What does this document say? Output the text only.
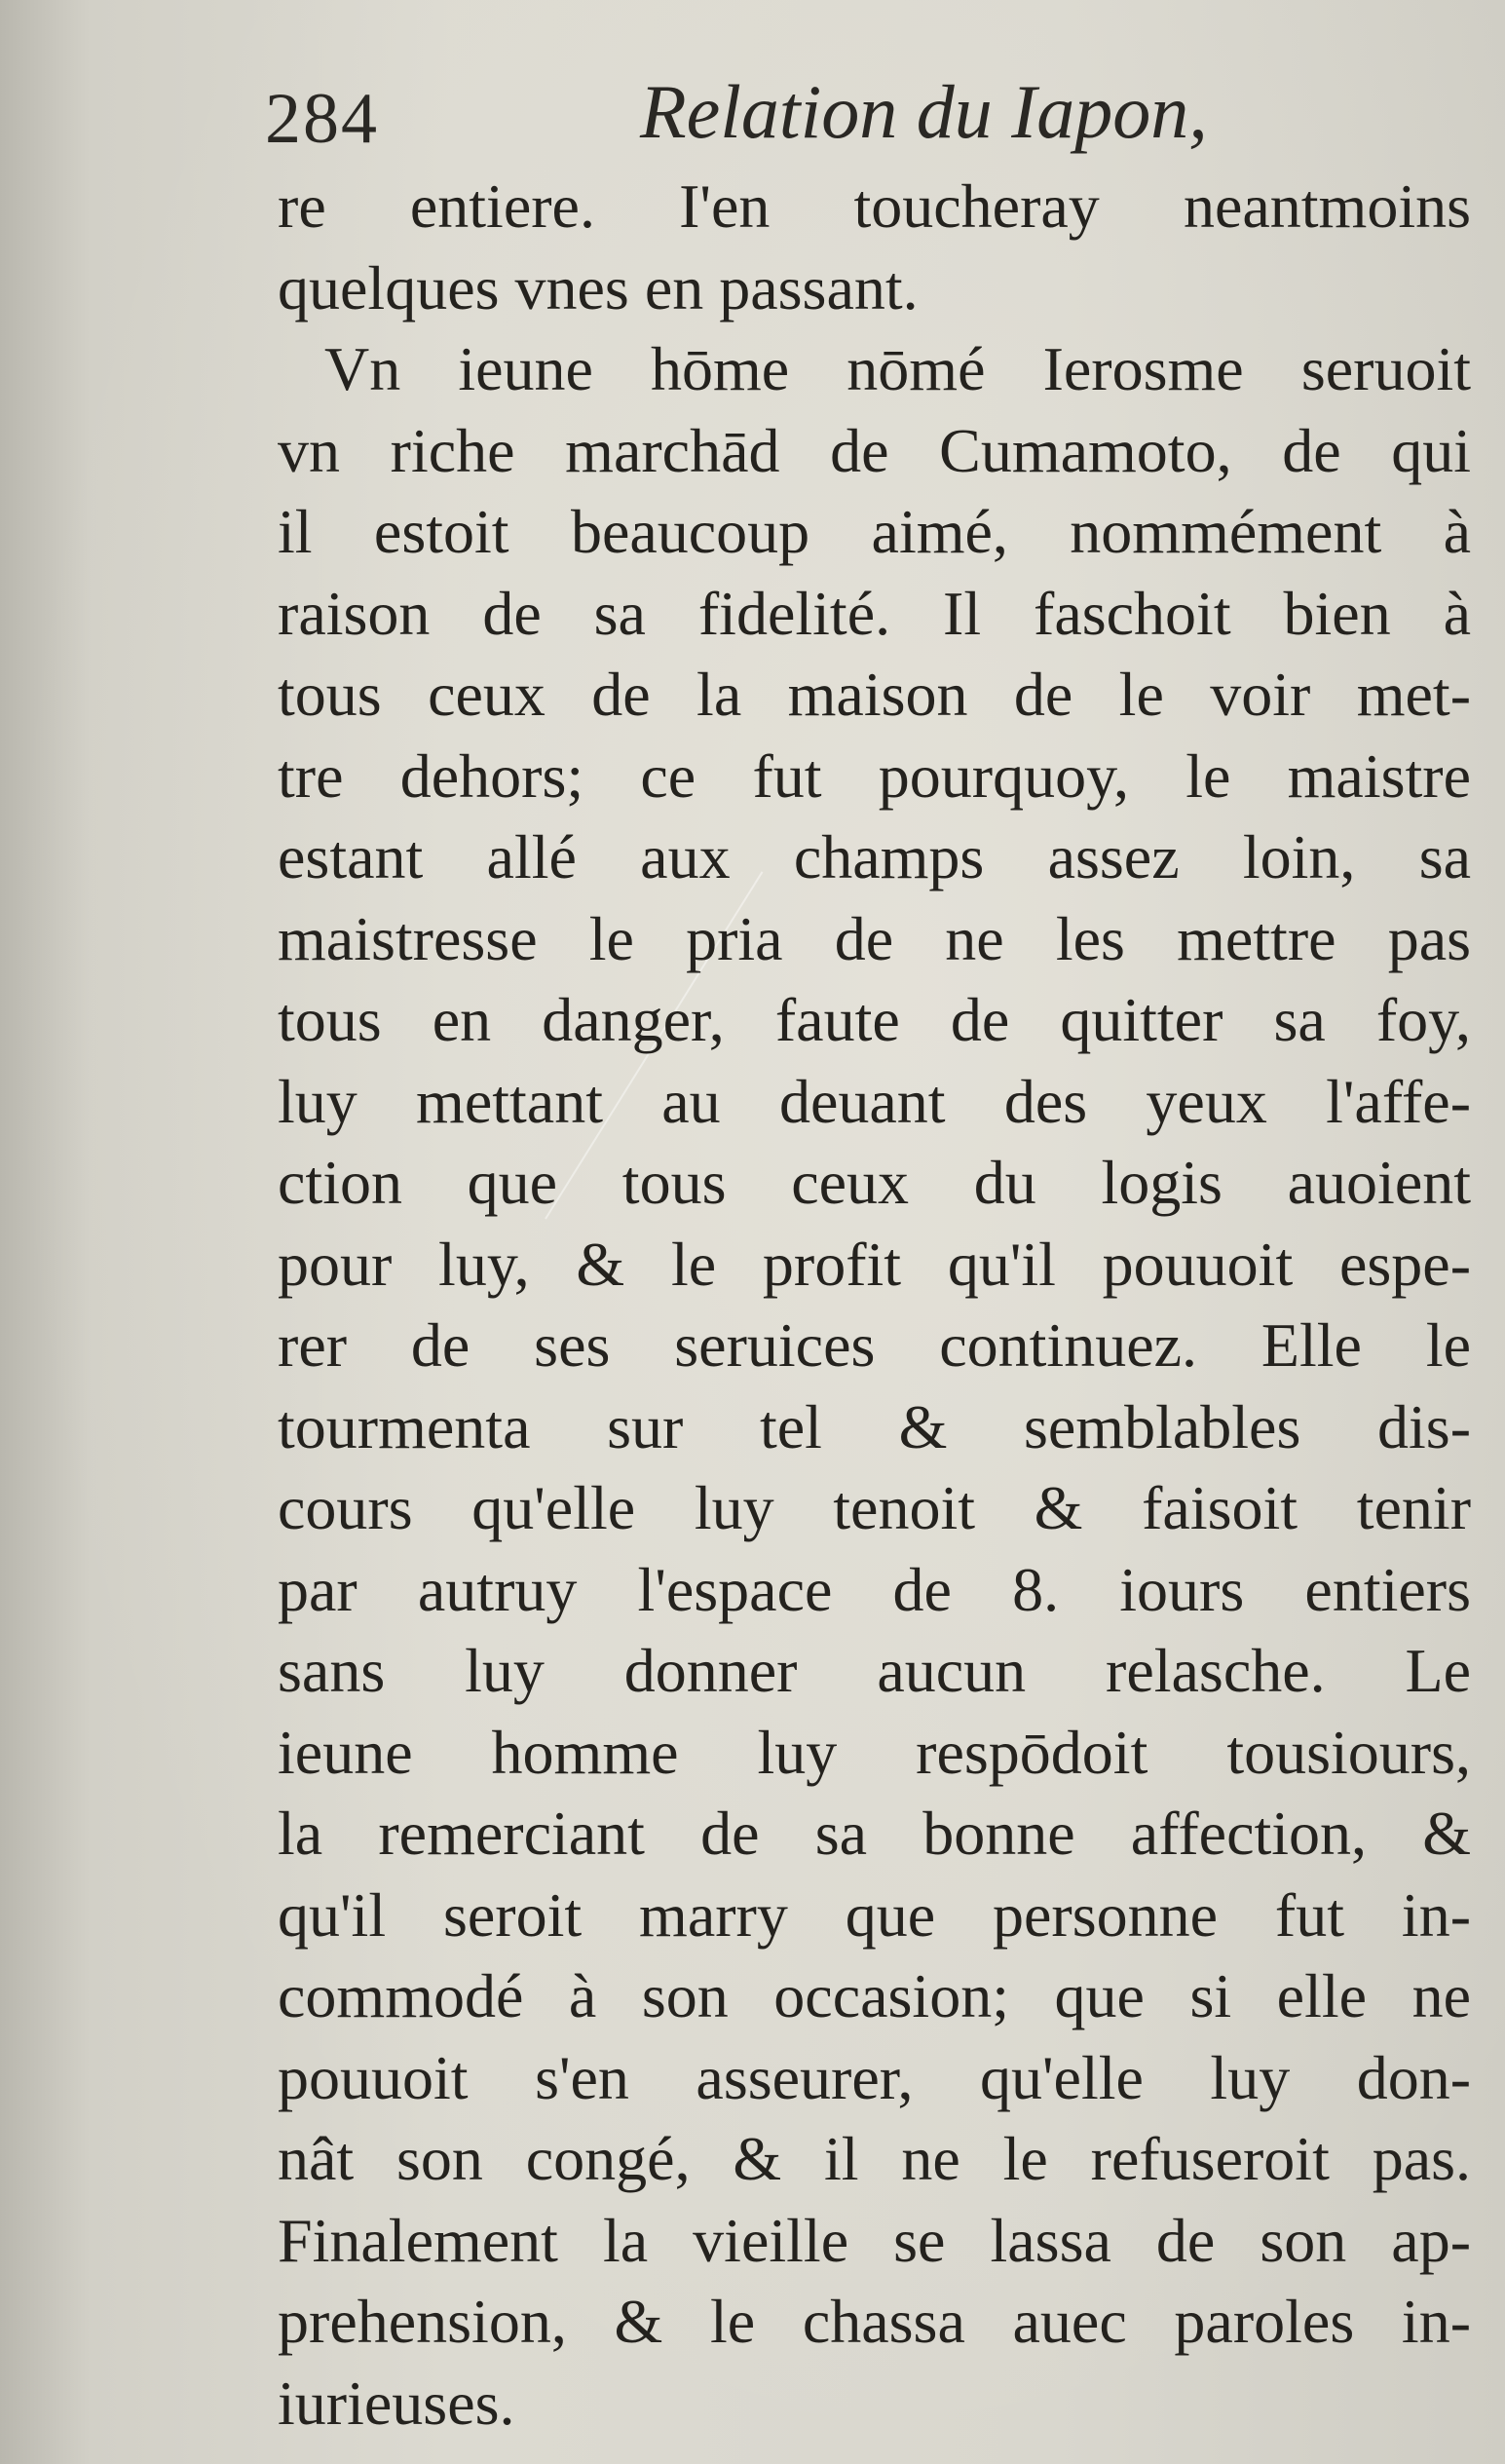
284	Relation du Iapon,
re entiere. I'en toucheray neantmoins
quelques vnes en passant.
Vn ieune hōme nōmé Ierosme seruoit
vn riche marchād de Cumamoto, de qui
il estoit beaucoup aimé, nommément à
raison de sa fidelité. Il faschoit bien à
tous ceux de la maison de le voir met-
tre dehors; ce fut pourquoy, le maistre
estant allé aux champs assez loin, sa
maistresse le pria de ne les mettre pas
tous en danger, faute de quitter sa foy,
luy mettant au deuant des yeux l'affe-
ction que tous ceux du logis auoient
pour luy, & le profit qu'il pouuoit espe-
rer de ses seruices continuez. Elle le
tourmenta sur tel & semblables dis-
cours qu'elle luy tenoit & faisoit tenir
par autruy l'espace de 8. iours entiers
sans luy donner aucun relasche. Le
ieune homme luy respōdoit tousiours,
la remerciant de sa bonne affection, &
qu'il seroit marry que personne fut in-
commodé à son occasion; que si elle ne
pouuoit s'en asseurer, qu'elle luy don-
nât son congé, & il ne le refuseroit pas.
Finalement la vieille se lassa de son ap-
prehension, & le chassa auec paroles in-
iurieuses.
